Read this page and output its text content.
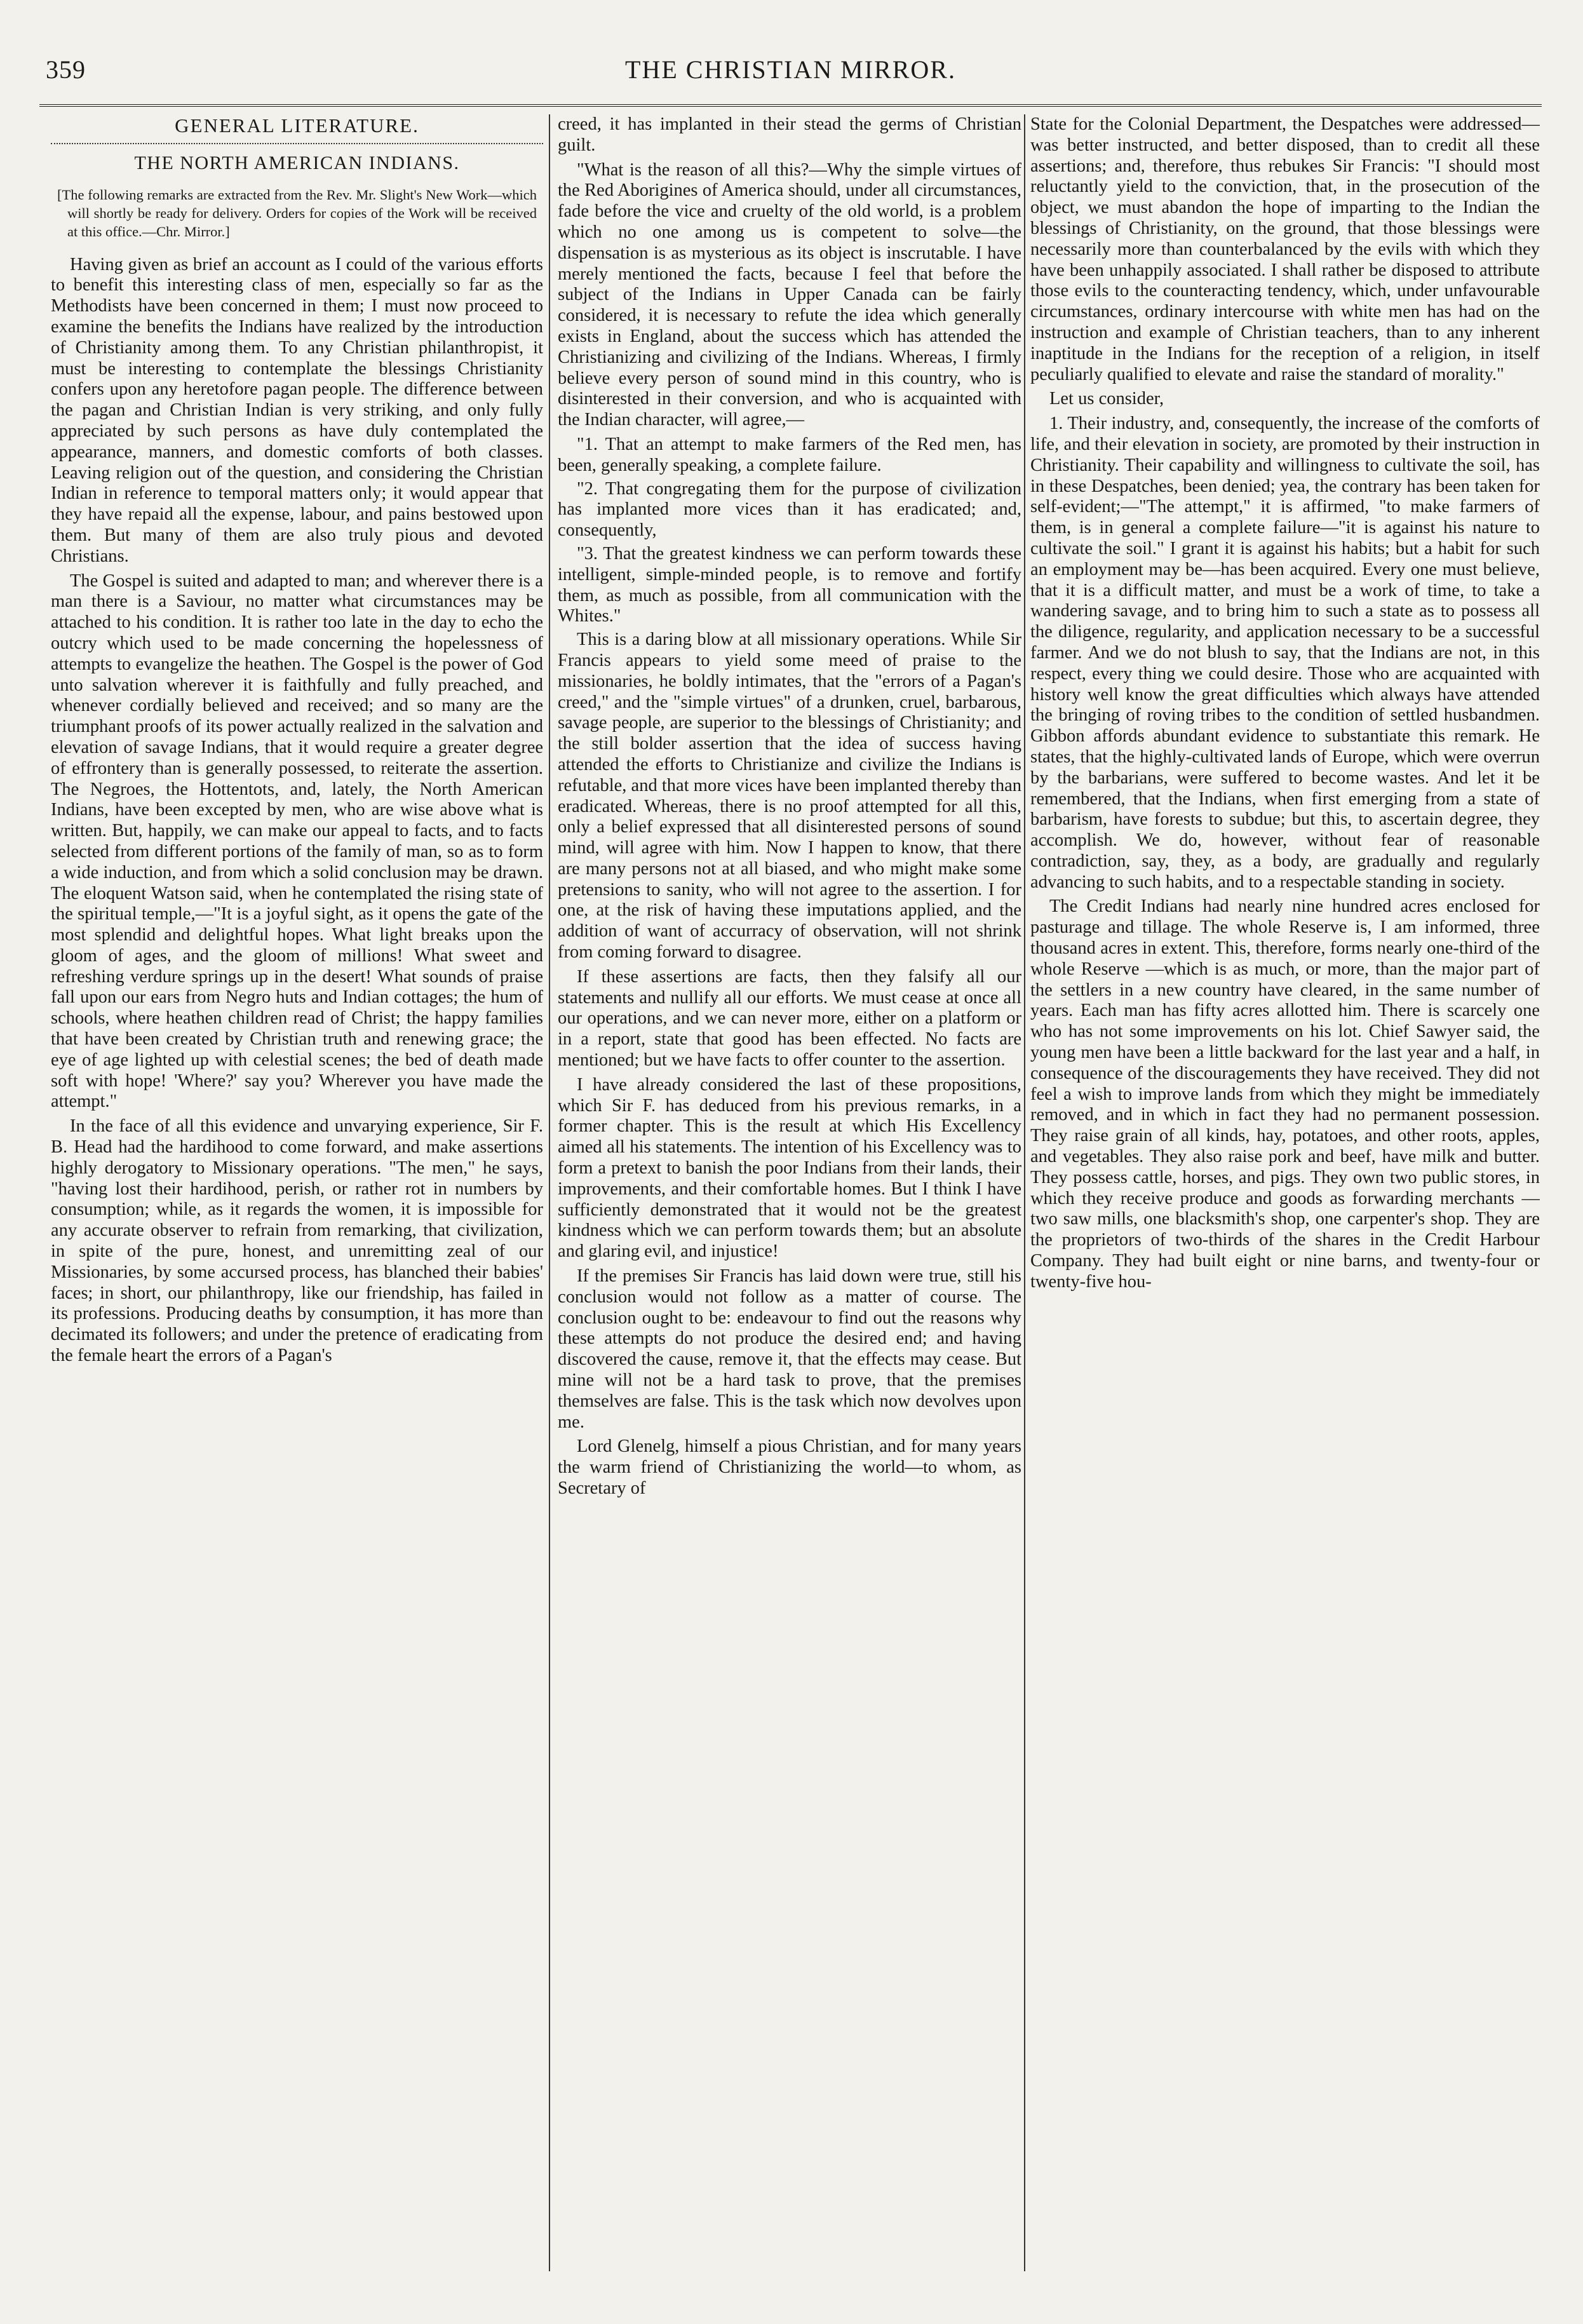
359	THE CHRISTIAN MIRROR.
GENERAL LITERATURE.
THE NORTH AMERICAN INDIANS.
[The following remarks are extracted from the Rev. Mr. Slight's New Work—which will shortly be ready for delivery. Orders for copies of the Work will be received at this office.—Chr. Mirror.]

Having given as brief an account as I could of the various efforts to benefit this interesting class of men, especially so far as the Methodists have been concerned in them; I must now proceed to examine the benefits the Indians have realized by the introduction of Christianity among them. To any Christian philanthropist, it must be interesting to contemplate the blessings Christianity confers upon any heretofore pagan people. The difference between the pagan and Christian Indian is very striking, and only fully appreciated by such persons as have duly contemplated the appearance, manners, and domestic comforts of both classes. Leaving religion out of the question, and considering the Christian Indian in reference to temporal matters only; it would appear that they have repaid all the expense, labour, and pains bestowed upon them. But many of them are also truly pious and devoted Christians.

The Gospel is suited and adapted to man; and wherever there is a man there is a Saviour, no matter what circumstances may be attached to his condition. It is rather too late in the day to echo the outcry which used to be made concerning the hopelessness of attempts to evangelize the heathen. The Gospel is the power of God unto salvation wherever it is faithfully and fully preached, and whenever cordially believed and received; and so many are the triumphant proofs of its power actually realized in the salvation and elevation of savage Indians, that it would require a greater degree of effrontery than is generally possessed, to reiterate the assertion. The Negroes, the Hottentots, and, lately, the North American Indians, have been excepted by men, who are wise above what is written. But, happily, we can make our appeal to facts, and to facts selected from different portions of the family of man, so as to form a wide induction, and from which a solid conclusion may be drawn. The eloquent Watson said, when he contemplated the rising state of the spiritual temple,—"It is a joyful sight, as it opens the gate of the most splendid and delightful hopes. What light breaks upon the gloom of ages, and the gloom of millions! What sweet and refreshing verdure springs up in the desert! What sounds of praise fall upon our ears from Negro huts and Indian cottages; the hum of schools, where heathen children read of Christ; the happy families that have been created by Christian truth and renewing grace; the eye of age lighted up with celestial scenes; the bed of death made soft with hope! 'Where?' say you? Wherever you have made the attempt."

In the face of all this evidence and unvarying experience, Sir F. B. Head had the hardihood to come forward, and make assertions highly derogatory to Missionary operations. "The men," he says, "having lost their hardihood, perish, or rather rot in numbers by consumption; while, as it regards the women, it is impossible for any accurate observer to refrain from remarking, that civilization, in spite of the pure, honest, and unremitting zeal of our Missionaries, by some accursed process, has blanched their babies' faces; in short, our philanthropy, like our friendship, has failed in its professions. Producing deaths by consumption, it has more than decimated its followers; and under the pretence of eradicating from the female heart the errors of a Pagan's

creed, it has implanted in their stead the germs of Christian guilt.

"What is the reason of all this?—Why the simple virtues of the Red Aborigines of America should, under all circumstances, fade before the vice and cruelty of the old world, is a problem which no one among us is competent to solve—the dispensation is as mysterious as its object is inscrutable. I have merely mentioned the facts, because I feel that before the subject of the Indians in Upper Canada can be fairly considered, it is necessary to refute the idea which generally exists in England, about the success which has attended the Christianizing and civilizing of the Indians. Whereas, I firmly believe every person of sound mind in this country, who is disinterested in their conversion, and who is acquainted with the Indian character, will agree,—

"1. That an attempt to make farmers of the Red men, has been, generally speaking, a complete failure.

"2. That congregating them for the purpose of civilization has implanted more vices than it has eradicated; and, consequently,

"3. That the greatest kindness we can perform towards these intelligent, simple-minded people, is to remove and fortify them, as much as possible, from all communication with the Whites."

This is a daring blow at all missionary operations. While Sir Francis appears to yield some meed of praise to the missionaries, he boldly intimates, that the "errors of a Pagan's creed," and the "simple virtues" of a drunken, cruel, barbarous, savage people, are superior to the blessings of Christianity; and the still bolder assertion that the idea of success having attended the efforts to Christianize and civilize the Indians is refutable, and that more vices have been implanted thereby than eradicated. Whereas, there is no proof attempted for all this, only a belief expressed that all disinterested persons of sound mind, will agree with him. Now I happen to know, that there are many persons not at all biased, and who might make some pretensions to sanity, who will not agree to the assertion. I for one, at the risk of having these imputations applied, and the addition of want of accurracy of observation, will not shrink from coming forward to disagree.

If these assertions are facts, then they falsify all our statements and nullify all our efforts. We must cease at once all our operations, and we can never more, either on a platform or in a report, state that good has been effected. No facts are mentioned; but we have facts to offer counter to the assertion.

I have already considered the last of these propositions, which Sir F. has deduced from his previous remarks, in a former chapter. This is the result at which His Excellency aimed all his statements. The intention of his Excellency was to form a pretext to banish the poor Indians from their lands, their improvements, and their comfortable homes. But I think I have sufficiently demonstrated that it would not be the greatest kindness which we can perform towards them; but an absolute and glaring evil, and injustice!

If the premises Sir Francis has laid down were true, still his conclusion would not follow as a matter of course. The conclusion ought to be: endeavour to find out the reasons why these attempts do not produce the desired end; and having discovered the cause, remove it, that the effects may cease. But mine will not be a hard task to prove, that the premises themselves are false. This is the task which now devolves upon me.

Lord Glenelg, himself a pious Christian, and for many years the warm friend of Christianizing the world—to whom, as Secretary of

State for the Colonial Department, the Despatches were addressed—was better instructed, and better disposed, than to credit all these assertions; and, therefore, thus rebukes Sir Francis: "I should most reluctantly yield to the conviction, that, in the prosecution of the object, we must abandon the hope of imparting to the Indian the blessings of Christianity, on the ground, that those blessings were necessarily more than counterbalanced by the evils with which they have been unhappily associated. I shall rather be disposed to attribute those evils to the counteracting tendency, which, under unfavourable circumstances, ordinary intercourse with white men has had on the instruction and example of Christian teachers, than to any inherent inaptitude in the Indians for the reception of a religion, in itself peculiarly qualified to elevate and raise the standard of morality."

Let us consider,

1. Their industry, and, consequently, the increase of the comforts of life, and their elevation in society, are promoted by their instruction in Christianity. Their capability and willingness to cultivate the soil, has in these Despatches, been denied; yea, the contrary has been taken for self-evident;—"The attempt," it is affirmed, "to make farmers of them, is in general a complete failure—"it is against his nature to cultivate the soil." I grant it is against his habits; but a habit for such an employment may be—has been acquired. Every one must believe, that it is a difficult matter, and must be a work of time, to take a wandering savage, and to bring him to such a state as to possess all the diligence, regularity, and application necessary to be a successful farmer. And we do not blush to say, that the Indians are not, in this respect, every thing we could desire. Those who are acquainted with history well know the great difficulties which always have attended the bringing of roving tribes to the condition of settled husbandmen. Gibbon affords abundant evidence to substantiate this remark. He states, that the highly-cultivated lands of Europe, which were overrun by the barbarians, were suffered to become wastes. And let it be remembered, that the Indians, when first emerging from a state of barbarism, have forests to subdue; but this, to ascertain degree, they accomplish. We do, however, without fear of reasonable contradiction, say, they, as a body, are gradually and regularly advancing to such habits, and to a respectable standing in society.

The Credit Indians had nearly nine hundred acres enclosed for pasturage and tillage. The whole Reserve is, I am informed, three thousand acres in extent. This, therefore, forms nearly one-third of the whole Reserve —which is as much, or more, than the major part of the settlers in a new country have cleared, in the same number of years. Each man has fifty acres allotted him. There is scarcely one who has not some improvements on his lot. Chief Sawyer said, the young men have been a little backward for the last year and a half, in consequence of the discouragements they have received. They did not feel a wish to improve lands from which they might be immediately removed, and in which in fact they had no permanent possession. They raise grain of all kinds, hay, potatoes, and other roots, apples, and vegetables. They also raise pork and beef, have milk and butter. They possess cattle, horses, and pigs. They own two public stores, in which they receive produce and goods as forwarding merchants —two saw mills, one blacksmith's shop, one carpenter's shop. They are the proprietors of two-thirds of the shares in the Credit Harbour Company. They had built eight or nine barns, and twenty-four or twenty-five hou-
